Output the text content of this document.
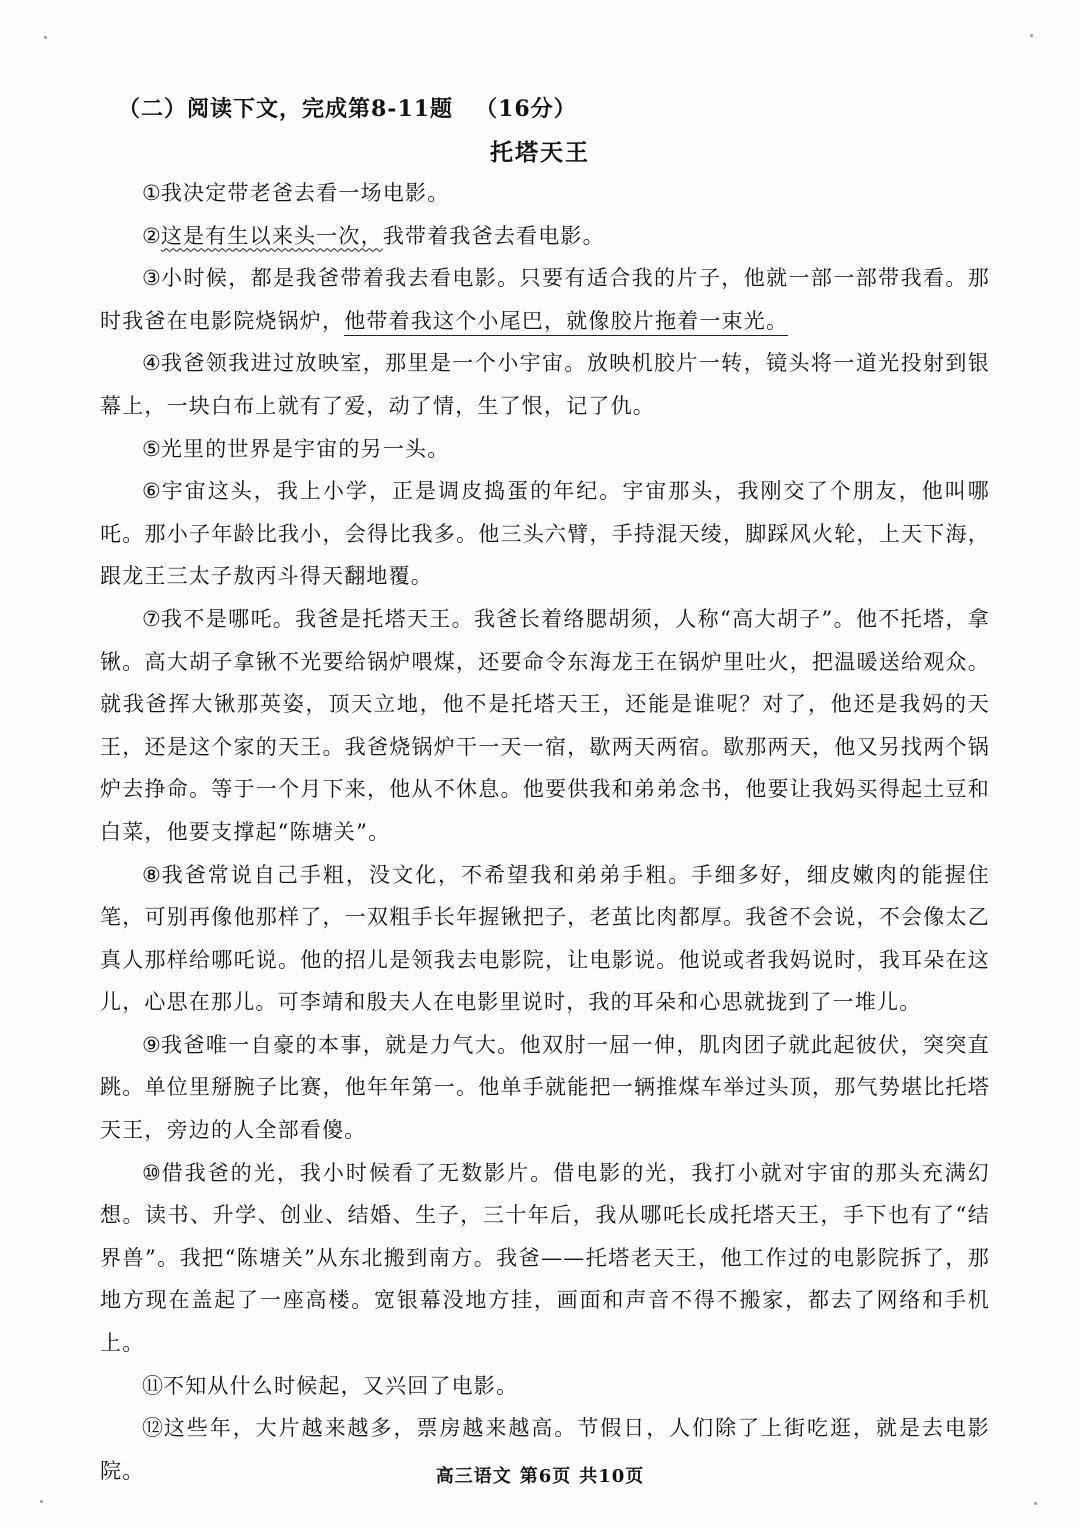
（二）阅读下文，完成第8-11题 （16分）
托塔天王

①我决定带老爸去看一场电影。

②这是有生以来头一次，我带着我爸去看电影。

③小时候，都是我爸带着我去看电影。只要有适合我的片子，他就一部一部带我看。那时我爸在电影院烧锅炉，他带着我这个小尾巴，就像胶片拖着一束光。

④我爸领我进过放映室，那里是一个小宇宙。放映机胶片一转，镜头将一道光投射到银幕上，一块白布上就有了爱，动了情，生了恨，记了仇。

⑤光里的世界是宇宙的另一头。

⑥宇宙这头，我上小学，正是调皮捣蛋的年纪。宇宙那头，我刚交了个朋友，他叫哪吒。那小子年龄比我小，会得比我多。他三头六臂，手持混天绫，脚踩风火轮，上天下海，跟龙王三太子敖丙斗得天翻地覆。

⑦我不是哪吒。我爸是托塔天王。我爸长着络腮胡须，人称“高大胡子”。他不托塔，拿锹。高大胡子拿锹不光要给锅炉喂煤，还要命令东海龙王在锅炉里吐火，把温暖送给观众。就我爸挥大锹那英姿，顶天立地，他不是托塔天王，还能是谁呢？对了，他还是我妈的天王，还是这个家的天王。我爸烧锅炉干一天一宿，歇两天两宿。歇那两天，他又另找两个锅炉去挣命。等于一个月下来，他从不休息。他要供我和弟弟念书，他要让我妈买得起土豆和白菜，他要支撑起“陈塘关”。

⑧我爸常说自己手粗，没文化，不希望我和弟弟手粗。手细多好，细皮嫩肉的能握住笔，可别再像他那样了，一双粗手长年握锹把子，老茧比肉都厚。我爸不会说，不会像太乙真人那样给哪吒说。他的招儿是领我去电影院，让电影说。他说或者我妈说时，我耳朵在这儿，心思在那儿。可李靖和殷夫人在电影里说时，我的耳朵和心思就拢到了一堆儿。

⑨我爸唯一自豪的本事，就是力气大。他双肘一屈一伸，肌肉团子就此起彼伏，突突直跳。单位里掰腕子比赛，他年年第一。他单手就能把一辆推煤车举过头顶，那气势堪比托塔天王，旁边的人全部看傻。

⑩借我爸的光，我小时候看了无数影片。借电影的光，我打小就对宇宙的那头充满幻想。读书、升学、创业、结婚、生子，三十年后，我从哪吒长成托塔天王，手下也有了“结界兽”。我把“陈塘关”从东北搬到南方。我爸——托塔老天王，他工作过的电影院拆了，那地方现在盖起了一座高楼。宽银幕没地方挂，画面和声音不得不搬家，都去了网络和手机上。

⑪不知从什么时候起，又兴回了电影。

⑫这些年，大片越来越多，票房越来越高。节假日，人们除了上街吃逛，就是去电影院。	高三语文 第6页 共10页
